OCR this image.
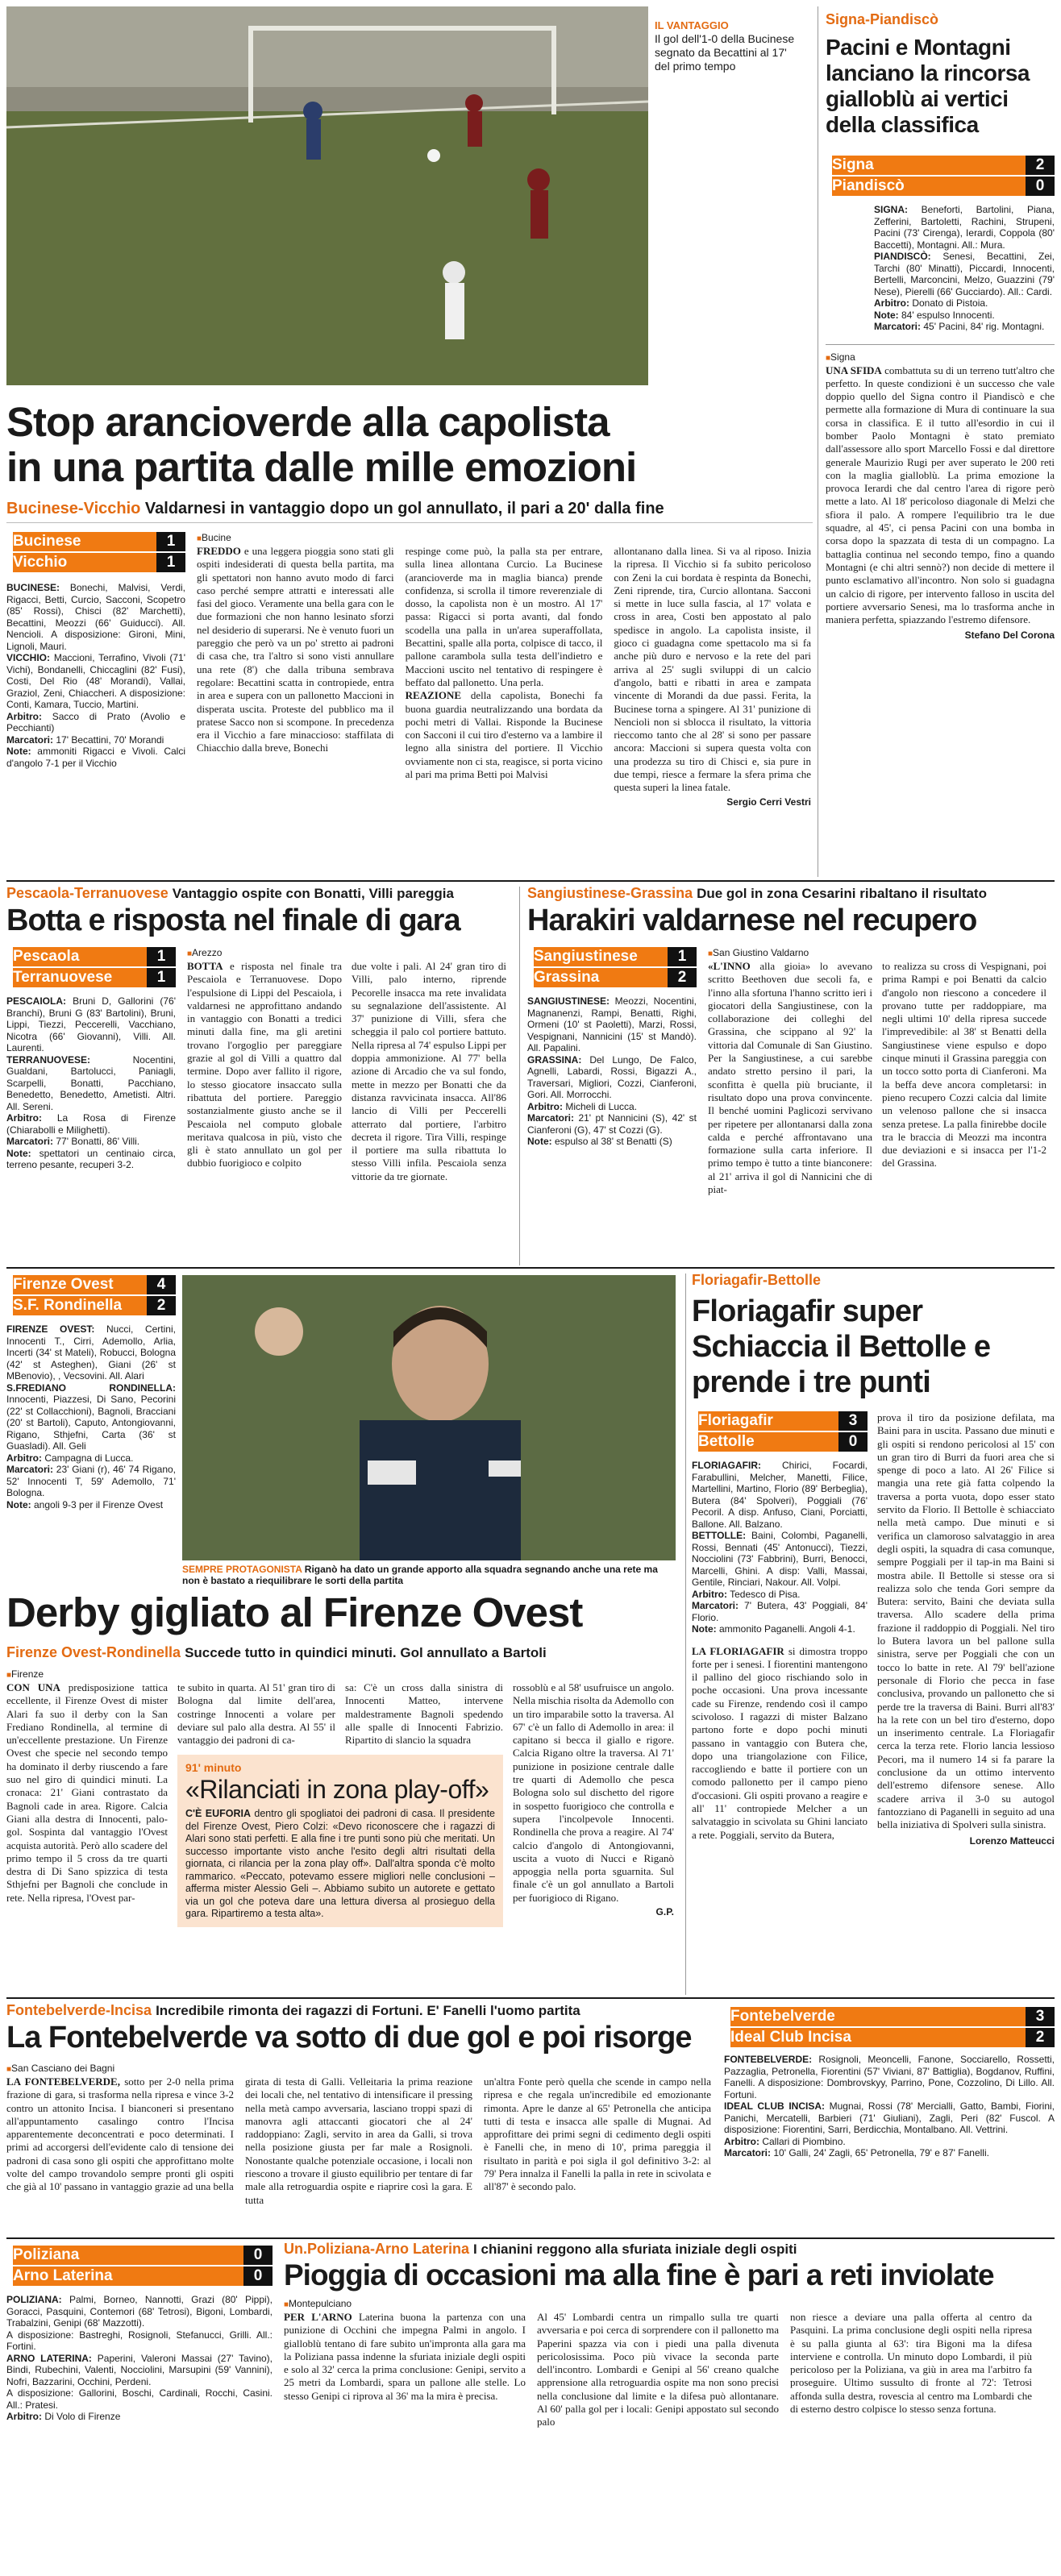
IL VANTAGGIO
Il gol dell'1-0 della Bucinese segnato da Becattini al 17' del primo tempo
Stop arancioverde alla capolista
in una partita dalle mille emozioni
Bucinese-Vicchio Valdarnesi in vantaggio dopo un gol annullato, il pari a 20' dalla fine
Bucinese	1
Vicchio	1
BUCINESE: Bonechi, Malvisi, Verdi, Rigacci, Betti, Curcio, Sacconi, Scopetro (85' Rossi), Chisci (82' Marchetti), Becattini, Meozzi (66' Guiducci). All. Nencioli. A disposizione: Gironi, Mini, Lignoli, Mauri.
VICCHIO: Maccioni, Terrafino, Vivoli (71' Vichi), Bondanelli, Chiccaglini (82' Fusi), Costi, Del Rio (48' Morandi), Vallai, Graziol, Zeni, Chiaccheri. A disposizione: Conti, Kamara, Tuccio, Martini.
Arbitro: Sacco di Prato (Avolio e Pecchianti)
Marcatori: 17' Becattini, 70' Morandi
Note: ammoniti Rigacci e Vivoli. Calci d'angolo 7-1 per il Vicchio
■ Bucine
FREDDO e una leggera pioggia sono stati gli ospiti indesiderati di questa bella partita, ma gli spettatori non hanno avuto modo di farci caso perché sempre attratti e interessati alle fasi del gioco. Veramente una bella gara con le due formazioni che non hanno lesinato sforzi nel desiderio di superarsi. Ne è venuto fuori un pareggio che però va un po' stretto ai padroni di casa che, tra l'altro si sono visti annullare una rete (8') che dalla tribuna sembrava regolare: Becattini scatta in contropiede, entra in area e supera con un pallonetto Maccioni in disperata uscita. Proteste del pubblico ma il pratese Sacco non si scompone. In precedenza era il Vicchio a fare minaccioso: staffilata di Chiacchio dalla breve, Bonechi
respinge come può, la palla sta per entrare, sulla linea allontana Curcio. La Bucinese (arancioverde ma in maglia bianca) prende confidenza, si scrolla il timore reverenziale di dosso, la capolista non è un mostro. Al 17' passa: Rigacci si porta avanti, dal fondo scodella una palla in un'area superaffollata, Becattini, spalle alla porta, colpisce di tacco, il pallone carambola sulla testa dell'indietro e Maccioni uscito nel tentativo di respingere è beffato dal pallonetto. Una perla.
REAZIONE della capolista, Bonechi fa buona guardia neutralizzando una bordata da pochi metri di Vallai. Risponde la Bucinese con Sacconi il cui tiro d'esterno va a lambire il legno alla sinistra del portiere. Il Vicchio ovviamente non ci sta, reagisce, si porta vicino al pari ma prima Betti poi Malvisi
allontanano dalla linea. Si va al riposo. Inizia la ripresa. Il Vicchio si fa subito pericoloso con Zeni la cui bordata è respinta da Bonechi, Zeni riprende, tira, Curcio allontana. Sacconi si mette in luce sulla fascia, al 17' volata e cross in area, Costi ben appostato al palo spedisce in angolo. La capolista insiste, il gioco ci guadagna come spettacolo ma si fa anche più duro e nervoso e la rete del pari arriva al 25' sugli sviluppi di un calcio d'angolo, batti e ribatti in area e zampata vincente di Morandi da due passi. Ferita, la Bucinese torna a spingere. Al 31' punizione di Nencioli non si sblocca il risultato, la vittoria rieccomo tanto che al 28' si sono per passare ancora: Maccioni si supera questa volta con una prodezza su tiro di Chisci e, sia pure in due tempi, riesce a fermare la sfera prima che questa superi la linea fatale.
Sergio Cerri Vestri
Signa-Piandiscò
Pacini e Montagni lanciano la rincorsa gialloblù ai vertici della classifica
Signa	2
Piandiscò	0
SIGNA: Beneforti, Bartolini, Piana, Zefferini, Bartoletti, Rachini, Strupeni, Pacini (73' Cirenga), Ierardi, Coppola (80' Baccetti), Montagni. All.: Mura.
PIANDISCÒ: Senesi, Becattini, Zei, Tarchi (80' Minatti), Piccardi, Innocenti, Bertelli, Marconcini, Melzo, Guazzini (79' Nese), Pierelli (66' Gucciardo). All.: Cardi.
Arbitro: Donato di Pistoia.
Note: 84' espulso Innocenti.
Marcatori: 45' Pacini, 84' rig. Montagni.
■ Signa
UNA SFIDA combattuta su di un terreno tutt'altro che perfetto. In queste condizioni è un successo che vale doppio quello del Signa contro il Piandiscò e che permette alla formazione di Mura di continuare la sua corsa in classifica. E il tutto all'esordio in cui il bomber Paolo Montagni è stato premiato dall'assessore allo sport Marcello Fossi e dal direttore generale Maurizio Rugi per aver superato le 200 reti con la maglia gialloblù. La prima emozione la provoca Ierardi che dal centro l'area di rigore però mette a lato. Al 18' pericoloso diagonale di Melzi che sfiora il palo. A rompere l'equilibrio tra le due squadre, al 45', ci pensa Pacini con una bomba in corsa dopo la spazzata di testa di un compagno. La battaglia continua nel secondo tempo, fino a quando Montagni (e chi altri sennò?) non decide di mettere il punto esclamativo all'incontro. Non solo si guadagna un calcio di rigore, per intervento falloso in uscita del portiere avversario Senesi, ma lo trasforma anche in maniera perfetta, spiazzando l'estremo difensore.
Stefano Del Corona
Pescaola-Terranuovese Vantaggio ospite con Bonatti, Villi pareggia
Botta e risposta nel finale di gara
Pescaola	1
Terranuovese	1
PESCAIOLA: Bruni D, Gallorini (76' Branchi), Bruni G (83' Bartolini), Bruni, Lippi, Tiezzi, Peccerelli, Vacchiano, Nicotra (66' Giovanni), Villi. All. Laurenti.
TERRANUOVESE: Nocentini, Gualdani, Bartolucci, Paniagli, Scarpelli, Bonatti, Pacchiano, Benedetto, Benedetto, Ametisti. Altri. All. Sereni.
Arbitro: La Rosa di Firenze (Chiarabolli e Milighetti).
Marcatori: 77' Bonatti, 86' Villi.
Note: spettatori un centinaio circa, terreno pesante, recuperi 3-2.
■ Arezzo
BOTTA e risposta nel finale tra Pescaiola e Terranuovese. Dopo l'espulsione di Lippi del Pescaiola, i valdarnesi ne approfittano andando in vantaggio con Bonatti a tredici minuti dalla fine, ma gli aretini trovano l'orgoglio per pareggiare grazie al gol di Villi a quattro dal termine. Dopo aver fallito il rigore, lo stesso giocatore insaccato sulla ribattuta del portiere. Pareggio sostanzialmente giusto anche se il Pescaiola nel computo globale meritava qualcosa in più, visto che gli è stato annullato un gol per dubbio fuorigioco e colpito
due volte i pali. Al 24' gran tiro di Villi, palo interno, riprende Pecorelle insacca ma rete invalidata su segnalazione dell'assistente. Al 37' punizione di Villi, sfera che scheggia il palo col portiere battuto. Nella ripresa al 74' espulso Lippi per doppia ammonizione. Al 77' bella azione di Arcadio che va sul fondo, mette in mezzo per Bonatti che da distanza ravvicinata insacca. All'86 lancio di Villi per Peccerelli atterrato dal portiere, l'arbitro decreta il rigore. Tira Villi, respinge il portiere ma sulla ribattuta lo stesso Villi infila. Pescaiola senza vittorie da tre giornate.
Sangiustinese-Grassina Due gol in zona Cesarini ribaltano il risultato
Harakiri valdarnese nel recupero
Sangiustinese	1
Grassina	2
SANGIUSTINESE: Meozzi, Nocentini, Magnanenzi, Rampi, Benatti, Righi, Ormeni (10' st Paoletti), Marzi, Rossi, Vespignani, Nannicini (15' st Mandò). All. Papalini.
GRASSINA: Del Lungo, De Falco, Agnelli, Labardi, Rossi, Bigazzi A., Traversari, Migliori, Cozzi, Cianferoni, Gori. All. Morrocchi.
Arbitro: Micheli di Lucca.
Marcatori: 21' pt Nannicini (S), 42' st Cianferoni (G), 47' st Cozzi (G).
Note: espulso al 38' st Benatti (S)
■ San Giustino Valdarno
«L'INNO alla gioia» lo avevano scritto Beethoven due secoli fa, e l'inno alla sfortuna l'hanno scritto ieri i giocatori della Sangiustinese, con la collaborazione dei colleghi del Grassina, che scippano al 92' la vittoria dal Comunale di San Giustino. Per la Sangiustinese, a cui sarebbe andato stretto persino il pari, la sconfitta è quella più bruciante, il risultato dopo una prova convincente. Il benché uomini Paglicozi servivano per ripetere per allontanarsi dalla zona calda e perché affrontavano una formazione sulla carta inferiore. Il primo tempo è tutto a tinte bianconere: al 21' arriva il gol di Nannicini che di piat-
to realizza su cross di Vespignani, poi prima Rampi e poi Benatti da calcio d'angolo non riescono a concedere il provano tutte per raddoppiare, ma negli ultimi 10' della ripresa succede l'imprevedibile: al 38' st Benatti della Sangiustinese viene espulso e dopo cinque minuti il Grassina pareggia con un tocco sotto porta di Cianferoni. Ma la beffa deve ancora completarsi: in pieno recupero Cozzi calcia dal limite un velenoso pallone che si insacca senza pretese. La palla finirebbe docile tra le braccia di Meozzi ma incontra due deviazioni e si insacca per l'1-2 del Grassina.
Firenze Ovest	4
S.F. Rondinella	2
FIRENZE OVEST: Nucci, Certini, Innocenti T., Cirri, Ademollo, Arlia, Incerti (34' st Mateli), Robucci, Bologna (42' st Asteghen), Giani (26' st MBenovio), , Vecsovini. All. Alari
S.FREDIANO RONDINELLA: Innocenti, Piazzesi, Di Sano, Pecorini (22' st Collacchioni), Bagnoli, Bracciani (20' st Bartoli), Caputo, Antongiovanni, Rigano, Sthjefni, Carta (36' st Guasladi). All. Geli
Arbitro: Campagna di Lucca.
Marcatori: 23' Giani (r), 46' 74 Rigano, 52' Innocenti T, 59' Ademollo, 71' Bologna.
Note: angoli 9-3 per il Firenze Ovest
SEMPRE PROTAGONISTA Riganò ha dato un grande apporto alla squadra segnando anche una rete ma non è bastato a riequilibrare le sorti della partita
Derby gigliato al Firenze Ovest
Firenze Ovest-Rondinella Succede tutto in quindici minuti. Gol annullato a Bartoli
■ Firenze
CON UNA predisposizione tattica eccellente, il Firenze Ovest di mister Alari fa suo il derby con la San Frediano Rondinella, al termine di un'eccellente prestazione. Un Firenze Ovest che specie nel secondo tempo ha dominato il derby riuscendo a fare suo nel giro di quindici minuti. La cronaca: 21' Giani contrastato da Bagnoli cade in area. Rigore. Calcia Giani alla destra di Innocenti, palo-gol. Sospinta dal vantaggio l'Ovest acquista autorità. Però allo scadere del primo tempo il 5 cross da tre quarti destra di Di Sano spizzica di testa Sthjefni per Bagnoli che conclude in rete. Nella ripresa, l'Ovest par-
te subito in quarta. Al 51' gran tiro di Bologna dal limite dell'area, costringe Innocenti a volare per deviare sul palo alla destra. Al 55' il vantaggio dei padroni di ca-
sa: C'è un cross dalla sinistra di Innocenti Matteo, intervene maldestramente Bagnoli spedendo alle spalle di Innocenti Fabrizio. Ripartito di slancio la squadra
91' minuto
«Rilanciati in zona play-off»
C'È EUFORIA dentro gli spogliatoi dei padroni di casa. Il presidente del Firenze Ovest, Piero Colzi: «Devo riconoscere che i ragazzi di Alari sono stati perfetti. E alla fine i tre punti sono più che meritati. Un successo importante visto anche l'esito degli altri risultati della giornata, ci rilancia per la zona play off». Dall'altra sponda c'è molto rammarico. «Peccato, potevamo essere migliori nelle conclusioni – afferma mister Alessio Geli –. Abbiamo subito un autorete e gettato via un gol che poteva dare una lettura diversa al prosieguo della gara. Ripartiremo a testa alta».
rossoblù e al 58' usufruisce un angolo. Nella mischia risolta da Ademollo con un tiro imparabile sotto la traversa. Al 67' c'è un fallo di Ademollo in area: il capitano si becca il giallo e rigore. Calcia Rigano oltre la traversa. Al 71' punizione in posizione centrale dalle tre quarti di Ademollo che pesca Bologna solo sul dischetto del rigore in sospetto fuorigioco che controlla e supera l'incolpevole Innocenti. Rondinella che prova a reagire. Al 74' calcio d'angolo di Antongiovanni, uscita a vuoto di Nucci e Riganò appoggia nella porta sguarnita. Sul finale c'è un gol annullato a Bartoli per fuorigioco di Rigano.
G.P.
Floriagafir-Bettolle
Floriagafir super Schiaccia il Bettolle e prende i tre punti
Floriagafir	3
Bettolle	0
FLORIAGAFIR: Chirici, Focardi, Farabullini, Melcher, Manetti, Filice, Martellini, Martino, Florio (89' Berbeglia), Butera (84' Spolveri), Poggiali (76' Pecoril. A disp. Anfuso, Ciani, Porciatti, Ballone. All. Balzano.
BETTOLLE: Baini, Colombi, Paganelli, Rossi, Bennati (45' Antonucci), Tiezzi, Nocciolini (73' Fabbrini), Burri, Benocci, Marcelli, Ghini. A disp: Valli, Massai, Gentile, Rinciari, Nakour. All. Volpi.
Arbitro: Tedesco di Pisa.
Marcatori: 7' Butera, 43' Poggiali, 84' Florio.
Note: ammonito Paganelli. Angoli 4-1.
LA FLORIAGAFIR si dimostra troppo forte per i senesi. I fiorentini mantengono il pallino del gioco rischiando solo in poche occasioni. Una prova incessante cade su Firenze, rendendo così il campo scivoloso. I ragazzi di mister Balzano partono forte e dopo pochi minuti passano in vantaggio con Butera che, dopo una triangolazione con Filice, raccogliendo e batte il portiere con un comodo pallonetto per il campo pieno d'occasioni. Gli ospiti provano a reagire e all' 11' contropiede Melcher a un salvataggio in scivolata su Ghini lanciato a rete. Poggiali, servito da Butera,
prova il tiro da posizione defilata, ma Baini para in uscita. Passano due minuti e gli ospiti si rendono pericolosi al 15' con un gran tiro di Burri da fuori area che si spenge di poco a lato. Al 26' Filice si mangia una rete già fatta colpendo la traversa a porta vuota, dopo esser stato servito da Florio. Il Bettolle è schiacciato nella metà campo. Due minuti e si verifica un clamoroso salvataggio in area degli ospiti, la squadra di casa comunque, sempre Poggiali per il tap-in ma Baini si mostra abile. Il Bettolle si stesse ora si realizza solo che tenda Gori sempre da Butera: servito, Baini che deviata sulla traversa. Allo scadere della prima frazione il raddoppio di Poggiali. Nel tiro lo Butera lavora un bel pallone sulla sinistra, serve per Poggiali che con un tocco lo batte in rete. Al 79' bell'azione personale di Florio che pecca in fase conclusiva, provando un pallonetto che si perde tre la traversa di Baini. Burri all'83' ha la rete con un bel tiro d'esterno, dopo un inserimento centrale. La Floriagafir cerca la terza rete. Florio lancia lessioso Pecori, ma il numero 14 si fa parare la conclusione da un ottimo intervento dell'estremo difensore senese. Allo scadere arriva il 3-0 su autogol fantozziano di Paganelli in seguito ad una bella iniziativa di Spolveri sulla sinistra.
Lorenzo Matteucci
Fontebelverde-Incisa Incredibile rimonta dei ragazzi di Fortuni. E' Fanelli l'uomo partita
La Fontebelverde va sotto di due gol e poi risorge
■ San Casciano dei Bagni
LA FONTEBELVERDE, sotto per 2-0 nella prima frazione di gara, si trasforma nella ripresa e vince 3-2 contro un attonito Incisa. I bianconeri si presentano all'appuntamento casalingo contro l'Incisa apparentemente deconcentrati e poco determinati. I primi ad accorgersi dell'evidente calo di tensione dei padroni di casa sono gli ospiti che approfittano molte volte del campo trovandolo sempre pronti gli ospiti che già al 10' passano in vantaggio grazie ad una bella
girata di testa di Galli. Velleitaria la prima reazione dei locali che, nel tentativo di intensificare il pressing nella metà campo avversaria, lasciano troppi spazi di manovra agli attaccanti giocatori che al 24' raddoppiano: Zagli, servito in area da Galli, si trova nella posizione giusta per far male a Rosignoli. Nonostante qualche potenziale occasione, i locali non riescono a trovare il giusto equilibrio per tentare di far male alla retroguardia ospite e riaprire così la gara. E tutta
un'altra Fonte però quella che scende in campo nella ripresa e che regala un'incredibile ed emozionante rimonta. Apre le danze al 65' Petronella che anticipa tutti di testa e insacca alle spalle di Mugnai. Ad approfittare dei primi segni di cedimento degli ospiti è Fanelli che, in meno di 10', prima pareggia il risultato in parità e poi sigla il gol definitivo 3-2: al 79' Pera innalza il Fanelli la palla in rete in scivolata e all'87' è secondo palo.
Fontebelverde	3
Ideal Club Incisa	2
FONTEBELVERDE: Rosignoli, Meoncelli, Fanone, Socciarello, Rossetti, Pazzaglia, Petronella, Fiorentini (57' Viviani, 87' Battiglia), Bogdanov, Ruffini, Fanelli. A disposizione: Dombrovskyy, Parrino, Pone, Cozzolino, Di Lillo. All. Fortuni.
IDEAL CLUB INCISA: Mugnai, Rossi (78' Mercialli, Gatto, Bambi, Fiorini, Panichi, Mercatelli, Barbieri (71' Giuliani), Zagli, Peri (82' Fuscol. A disposizione: Fiorentini, Sarri, Berdicchia, Montalbano. All. Vettrini.
Arbitro: Callari di Piombino.
Marcatori: 10' Galli, 24' Zagli, 65' Petronella, 79' e 87' Fanelli.
Poliziana	0
Arno Laterina	0
POLIZIANA: Palmi, Borneo, Nannotti, Grazi (80' Pippi), Goracci, Pasquini, Contemori (68' Tetrosi), Bigoni, Lombardi, Trabalzini, Genipi (68' Mazzotti).
A disposizione: Bastreghi, Rosignoli, Stefanucci, Grilli. All.: Fortini.
ARNO LATERINA: Paperini, Valeroni Massai (27' Tavino), Bindi, Rubechini, Valenti, Nocciolini, Marsupini (59' Vannini), Nofri, Bazzarini, Occhini, Perdeni.
A disposizione: Gallorini, Boschi, Cardinali, Rocchi, Casini. All.: Pratesi.
Arbitro: Di Volo di Firenze
Un.Poliziana-Arno Laterina I chianini reggono alla sfuriata iniziale degli ospiti
Pioggia di occasioni ma alla fine è pari a reti inviolate
■ Montepulciano
PER L'ARNO Laterina buona la partenza con una punizione di Occhini che impegna Palmi in angolo. I gialloblù tentano di fare subito un'impronta alla gara ma la Poliziana passa indenne la sfuriata iniziale degli ospiti e solo al 32' cerca la prima conclusione: Genipi, servito a 25 metri da Lombardi, spara un pallone alle stelle. Lo stesso Genipi ci riprova al 36' ma la mira è precisa.
Al 45' Lombardi centra un rimpallo sulla tre quarti avversaria e poi cerca di sorprendere con il pallonetto ma Paperini spazza via con i piedi una palla divenuta pericolosissima. Poco più vivace la seconda parte dell'incontro. Lombardi e Genipi al 56' creano qualche apprensione alla retroguardia ospite ma non sono precisi nella conclusione dal limite e la difesa può allontanare. Al 60' palla gol per i locali: Genipi appostato sul secondo palo
non riesce a deviare una palla offerta al centro da Pasquini. La prima conclusione degli ospiti nella ripresa è su palla giunta al 63': tira Bigoni ma la difesa interviene e controlla. Un minuto dopo Lombardi, il più pericoloso per la Poliziana, va giù in area ma l'arbitro fa proseguire. Ultimo sussulto di fronte al 72': Tetrosi affonda sulla destra, rovescia al centro ma Lombardi che di esterno destro colpisce lo stesso senza fortuna.
